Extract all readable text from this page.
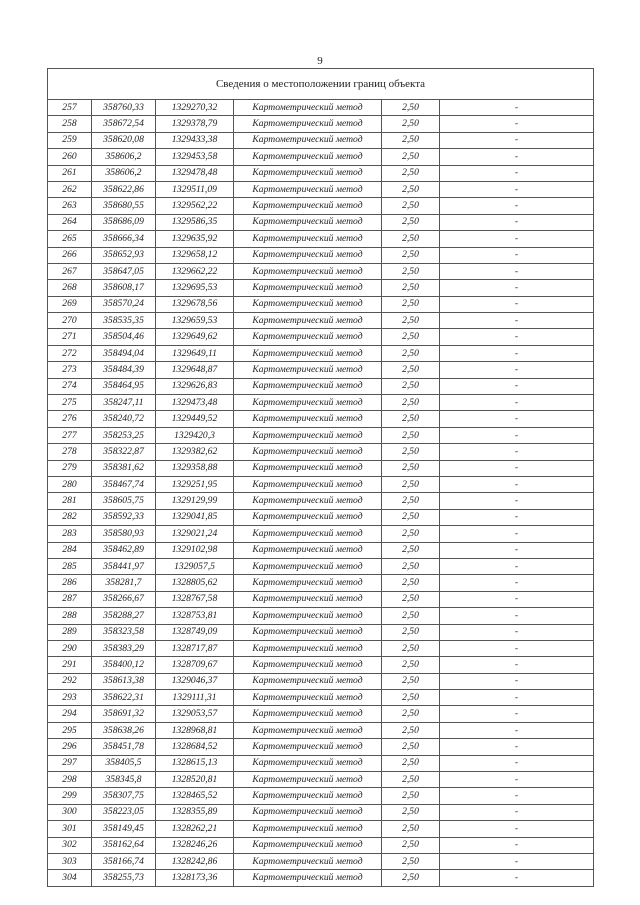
9
Сведения о местоположении границ объекта					
257	358760,33	1329270,32	Картометрический метод	2,50	-
258	358672,54	1329378,79	Картометрический метод	2,50	-
259	358620,08	1329433,38	Картометрический метод	2,50	-
260	358606,2	1329453,58	Картометрический метод	2,50	-
261	358606,2	1329478,48	Картометрический метод	2,50	-
262	358622,86	1329511,09	Картометрический метод	2,50	-
263	358680,55	1329562,22	Картометрический метод	2,50	-
264	358686,09	1329586,35	Картометрический метод	2,50	-
265	358666,34	1329635,92	Картометрический метод	2,50	-
266	358652,93	1329658,12	Картометрический метод	2,50	-
267	358647,05	1329662,22	Картометрический метод	2,50	-
268	358608,17	1329695,53	Картометрический метод	2,50	-
269	358570,24	1329678,56	Картометрический метод	2,50	-
270	358535,35	1329659,53	Картометрический метод	2,50	-
271	358504,46	1329649,62	Картометрический метод	2,50	-
272	358494,04	1329649,11	Картометрический метод	2,50	-
273	358484,39	1329648,87	Картометрический метод	2,50	-
274	358464,95	1329626,83	Картометрический метод	2,50	-
275	358247,11	1329473,48	Картометрический метод	2,50	-
276	358240,72	1329449,52	Картометрический метод	2,50	-
277	358253,25	1329420,3	Картометрический метод	2,50	-
278	358322,87	1329382,62	Картометрический метод	2,50	-
279	358381,62	1329358,88	Картометрический метод	2,50	-
280	358467,74	1329251,95	Картометрический метод	2,50	-
281	358605,75	1329129,99	Картометрический метод	2,50	-
282	358592,33	1329041,85	Картометрический метод	2,50	-
283	358580,93	1329021,24	Картометрический метод	2,50	-
284	358462,89	1329102,98	Картометрический метод	2,50	-
285	358441,97	1329057,5	Картометрический метод	2,50	-
286	358281,7	1328805,62	Картометрический метод	2,50	-
287	358266,67	1328767,58	Картометрический метод	2,50	-
288	358288,27	1328753,81	Картометрический метод	2,50	-
289	358323,58	1328749,09	Картометрический метод	2,50	-
290	358383,29	1328717,87	Картометрический метод	2,50	-
291	358400,12	1328709,67	Картометрический метод	2,50	-
292	358613,38	1329046,37	Картометрический метод	2,50	-
293	358622,31	1329111,31	Картометрический метод	2,50	-
294	358691,32	1329053,57	Картометрический метод	2,50	-
295	358638,26	1328968,81	Картометрический метод	2,50	-
296	358451,78	1328684,52	Картометрический метод	2,50	-
297	358405,5	1328615,13	Картометрический метод	2,50	-
298	358345,8	1328520,81	Картометрический метод	2,50	-
299	358307,75	1328465,52	Картометрический метод	2,50	-
300	358223,05	1328355,89	Картометрический метод	2,50	-
301	358149,45	1328262,21	Картометрический метод	2,50	-
302	358162,64	1328246,26	Картометрический метод	2,50	-
303	358166,74	1328242,86	Картометрический метод	2,50	-
304	358255,73	1328173,36	Картометрический метод	2,50	-
